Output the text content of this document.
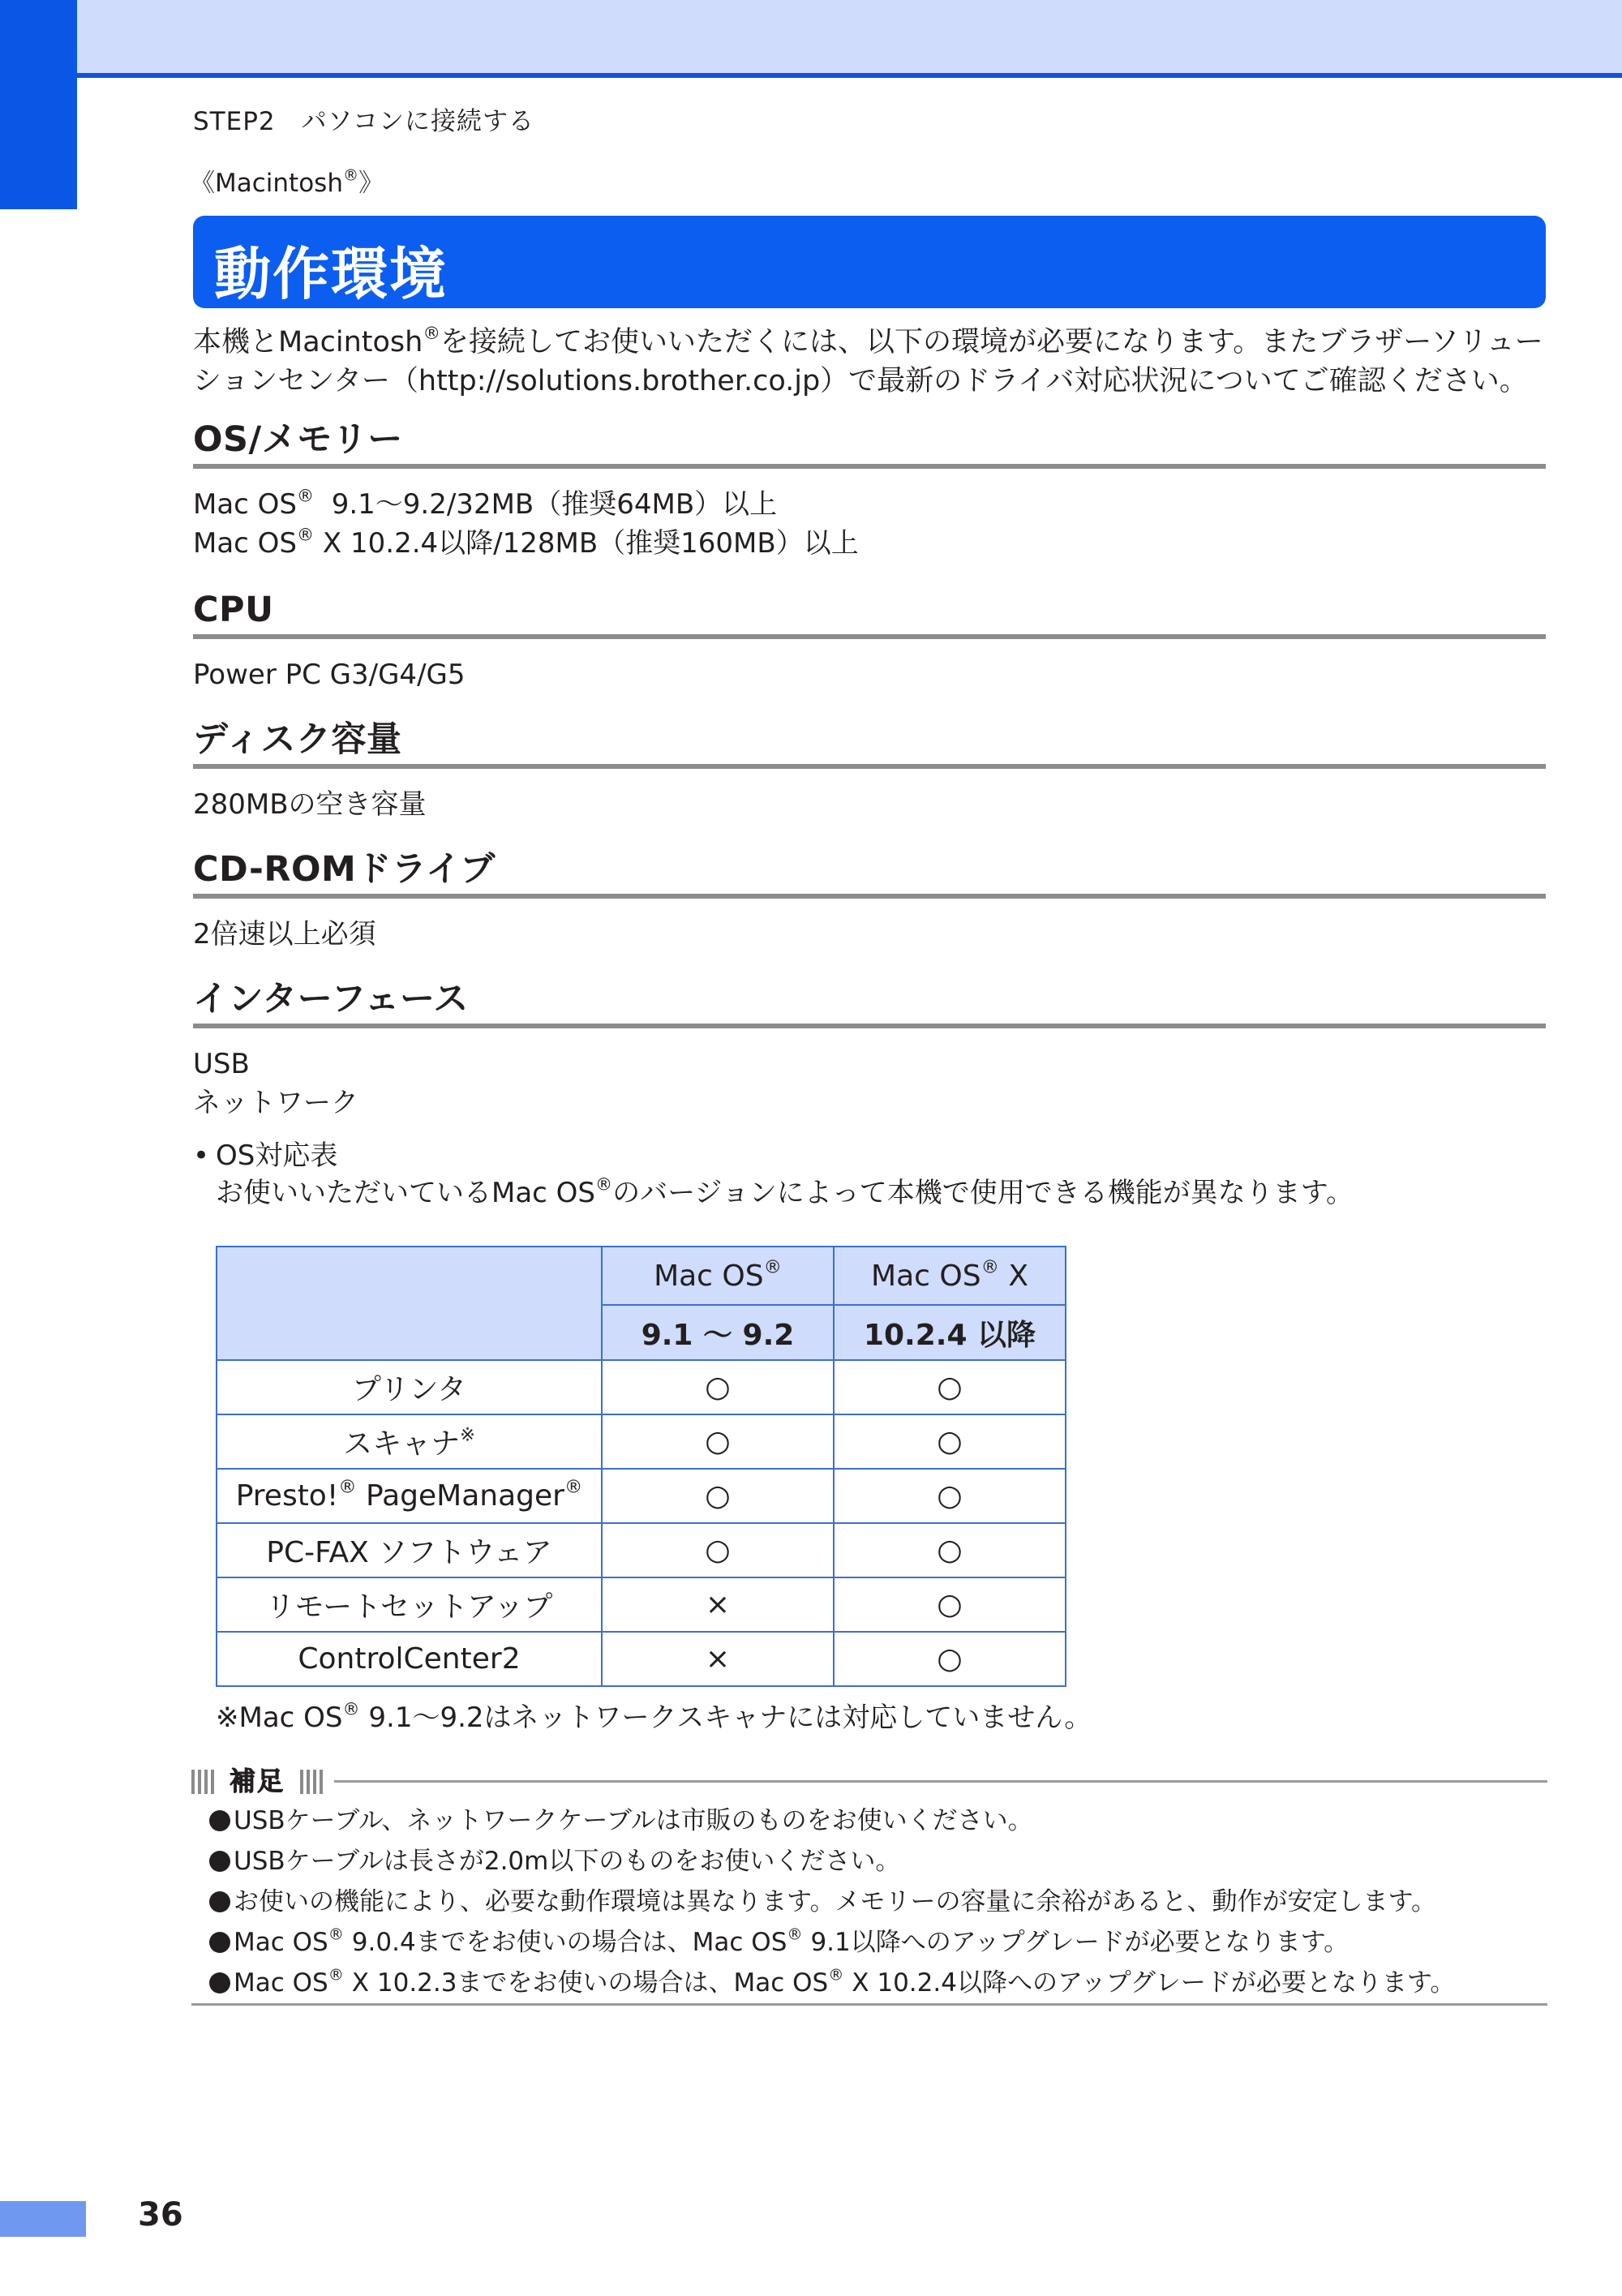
STEP2　パソコンに接続する
《Macintosh®》
動作環境
本機とMacintosh®を接続してお使いいただくには、以下の環境が必要になります。またブラザーソリューションセンター（http://solutions.brother.co.jp）で最新のドライバ対応状況についてご確認ください。
OS/メモリー
Mac OS®  9.1〜9.2/32MB（推奨64MB）以上
Mac OS® X 10.2.4以降/128MB（推奨160MB）以上
CPU
Power PC G3/G4/G5
ディスク容量
280MBの空き容量
CD-ROMドライブ
2倍速以上必須
インターフェース
USB
ネットワーク
• OS対応表
お使いいただいているMac OS®のバージョンによって本機で使用できる機能が異なります。
	Mac OS®	Mac OS® X
	9.1 〜 9.2	10.2.4 以降
プリンタ	○	○
スキャナ※	○	○
Presto!® PageManager®	○	○
PC-FAX ソフトウェア	○	○
リモートセットアップ	×	○
ControlCenter2	×	○
※Mac OS® 9.1〜9.2はネットワークスキャナには対応していません。
補足
USBケーブル、ネットワークケーブルは市販のものをお使いください。
USBケーブルは長さが2.0m以下のものをお使いください。
お使いの機能により、必要な動作環境は異なります。メモリーの容量に余裕があると、動作が安定します。
Mac OS® 9.0.4までをお使いの場合は、Mac OS® 9.1以降へのアップグレードが必要となります。
Mac OS® X 10.2.3までをお使いの場合は、Mac OS® X 10.2.4以降へのアップグレードが必要となります。
36
